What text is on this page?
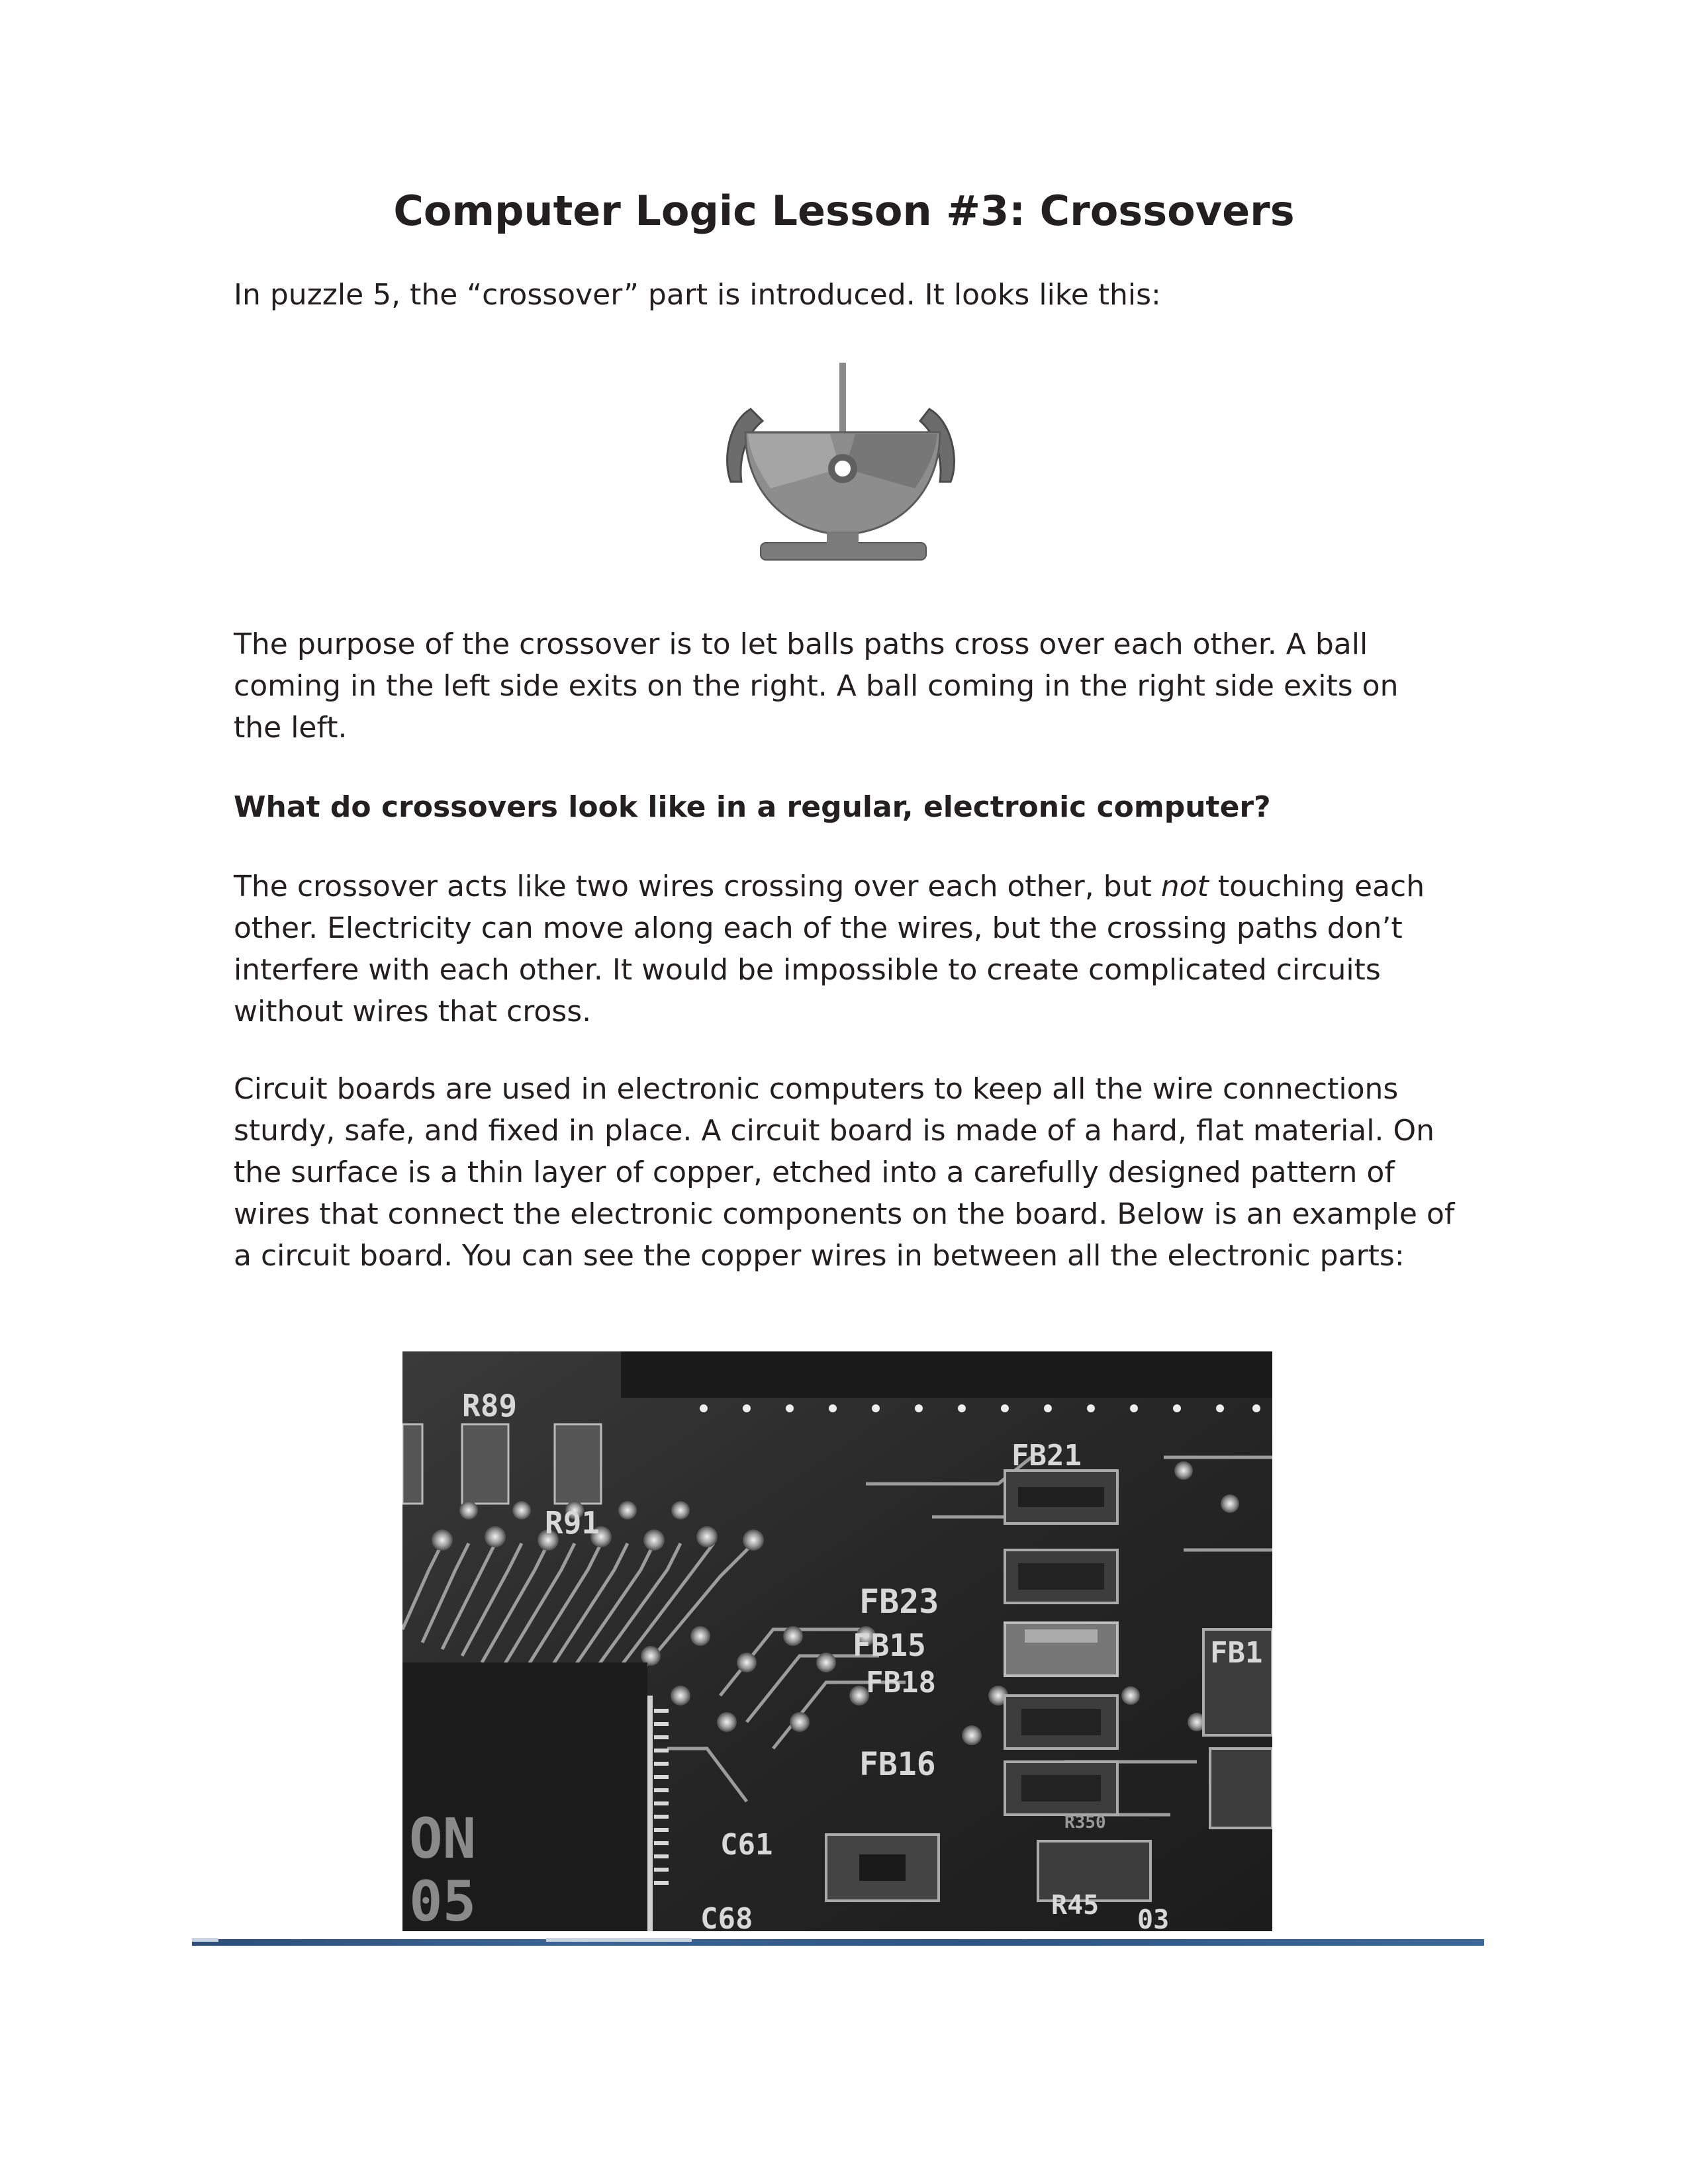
Computer Logic Lesson #3: Crossovers

In puzzle 5, the “crossover” part is introduced. It looks like this:

The purpose of the crossover is to let balls paths cross over each other. A ball coming in the left side exits on the right. A ball coming in the right side exits on the left.

What do crossovers look like in a regular, electronic computer?

The crossover acts like two wires crossing over each other, but not touching each other. Electricity can move along each of the wires, but the crossing paths don’t interfere with each other. It would be impossible to create complicated circuits without wires that cross.

Circuit boards are used in electronic computers to keep all the wire connections sturdy, safe, and fixed in place. A circuit board is made of a hard, flat material. On the surface is a thin layer of copper, etched into a carefully designed pattern of wires that connect the electronic components on the board. Below is an example of a circuit board. You can see the copper wires in between all the electronic parts:

R89
R91
FB21
FB23
FB15
FB18
FB16
FB1
C61
C68	R45
R350
03
ON
05
